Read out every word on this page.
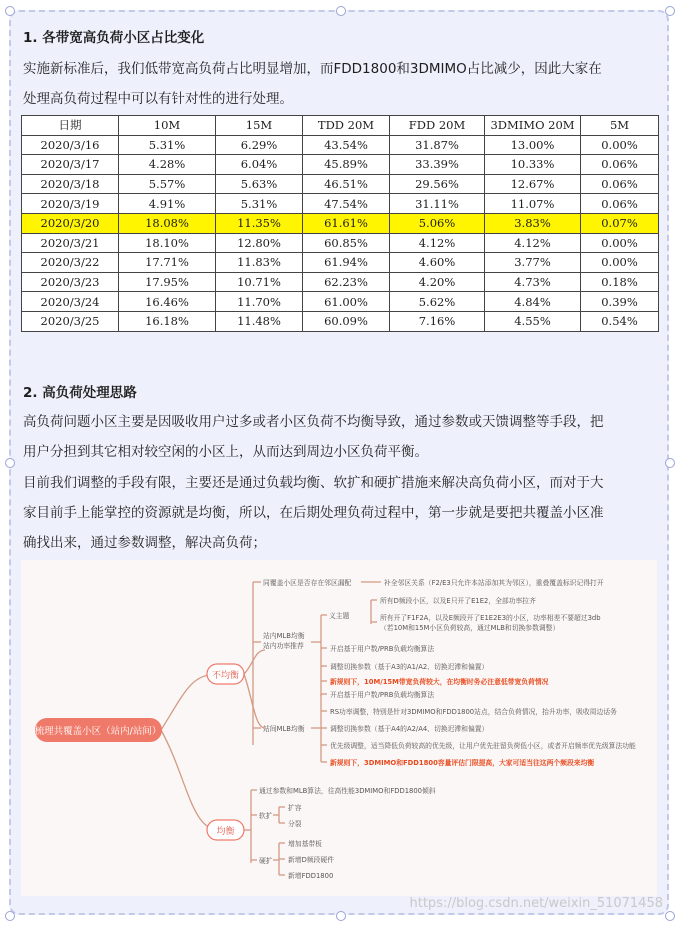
1. 各带宽高负荷小区占比变化
实施新标准后，我们低带宽高负荷占比明显增加，而FDD1800和3DMIMO占比减少，因此大家在
处理高负荷过程中可以有针对性的进行处理。
日期	10M	15M	TDD 20M	FDD 20M	3DMIMO 20M	5M
2020/3/16	5.31%	6.29%	43.54%	31.87%	13.00%	0.00%
2020/3/17	4.28%	6.04%	45.89%	33.39%	10.33%	0.06%
2020/3/18	5.57%	5.63%	46.51%	29.56%	12.67%	0.06%
2020/3/19	4.91%	5.31%	47.54%	31.11%	11.07%	0.06%
2020/3/20	18.08%	11.35%	61.61%	5.06%	3.83%	0.07%
2020/3/21	18.10%	12.80%	60.85%	4.12%	4.12%	0.00%
2020/3/22	17.71%	11.83%	61.94%	4.60%	3.77%	0.00%
2020/3/23	17.95%	10.71%	62.23%	4.20%	4.73%	0.18%
2020/3/24	16.46%	11.70%	61.00%	5.62%	4.84%	0.39%
2020/3/25	16.18%	11.48%	60.09%	7.16%	4.55%	0.54%
2. 高负荷处理思路
高负荷问题小区主要是因吸收用户过多或者小区负荷不均衡导致，通过参数或天馈调整等手段，把
用户分担到其它相对较空闲的小区上，从而达到周边小区负荷平衡。
目前我们调整的手段有限，主要还是通过负载均衡、软扩和硬扩措施来解决高负荷小区，而对于大
家目前手上能掌控的资源就是均衡，所以，在后期处理负荷过程中，第一步就是要把共覆盖小区准
确找出来，通过参数调整，解决高负荷；
梳理共覆盖小区（站内/站间）
不均衡
均衡
同覆盖小区是否存在邻区漏配	补全邻区关系（F2/E3只允许本站添加其为邻区），重叠覆盖标识记得打开
站内MLB均衡
站内功率推荐
义主题
所有D频段小区，以及E只开了E1E2，全部功率拉齐
所有开了F1F2A，以及E频段开了E1E2E3的小区，功率相差不要超过3db
（若10M和15M小区负荷较高，通过MLB和切换参数调整）
开启基于用户数/PRB负载均衡算法
调整切换参数（基于A3的A1/A2、切换迟滞和偏置）
新规则下，10M/15M带宽负荷较大，在均衡时务必注意低带宽负荷情况
站间MLB均衡
开启基于用户数/PRB负载均衡算法
RS功率调整，特别是针对3DMIMO和FDD1800站点，结合负荷情况，抬升功率，吸收周边话务
调整切换参数（基于A4的A2/A4、切换迟滞和偏置）
优先级调整，适当降低负荷较高的优先级，让用户优先驻留负荷低小区，或者开启频率优先级算法功能
新规则下，3DMIMO和FDD1800容量评估门限提高，大家可适当往这两个频段来均衡
通过参数和MLB算法，往高性能3DMIMO和FDD1800倾斜
软扩
扩容
分裂
硬扩
增加基带板
新增D频段硬件
新增FDD1800
https://blog.csdn.net/weixin_51071458
